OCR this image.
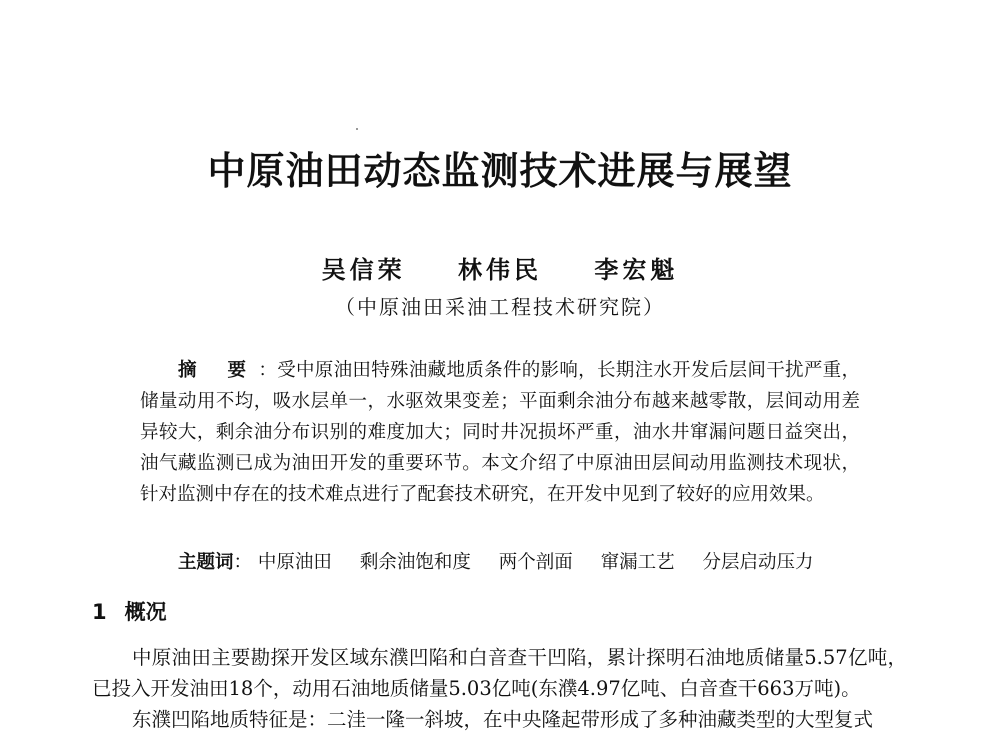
中原油田动态监测技术进展与展望
吴信荣 林伟民 李宏魁
（中原油田采油工程技术研究院）
摘 要：受中原油田特殊油藏地质条件的影响，长期注水开发后层间干扰严重，储量动用不均，吸水层单一，水驱效果变差；平面剩余油分布越来越零散，层间动用差异较大，剩余油分布识别的难度加大；同时井况损坏严重，油水井窜漏问题日益突出，油气藏监测已成为油田开发的重要环节。本文介绍了中原油田层间动用监测技术现状，针对监测中存在的技术难点进行了配套技术研究，在开发中见到了较好的应用效果。
主题词： 中原油田 剩余油饱和度 两个剖面 窜漏工艺 分层启动压力
1 概况

中原油田主要勘探开发区域东濮凹陷和白音查干凹陷，累计探明石油地质储量5.57亿吨，已投入开发油田18个，动用石油地质储量5.03亿吨(东濮4.97亿吨、白音查干663万吨)。

东濮凹陷地质特征是：二洼一隆一斜坡，在中央隆起带形成了多种油藏类型的大型复式
